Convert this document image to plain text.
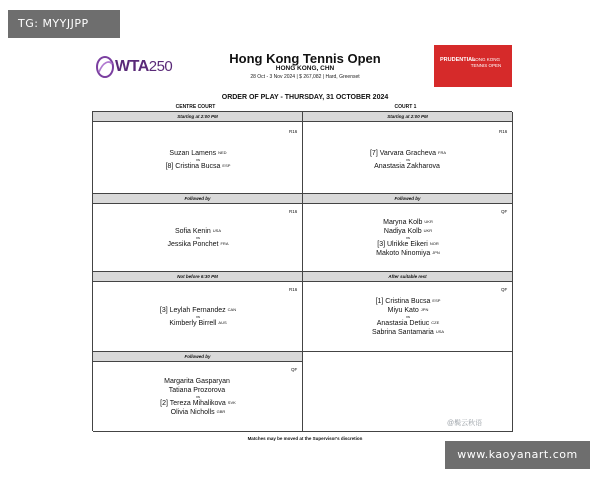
TG: MYYJJPP
WTA250	Hong Kong Tennis Open
HONG KONG, CHN
28 Oct - 3 Nov 2024 | $ 267,082 | Hard, Greenset
PRUDENTIAL
HONG KONG
TENNIS OPEN
ORDER OF PLAY - THURSDAY, 31 OCTOBER 2024
CENTRE COURT	COURT 1
Starting at 2:00 PM
R16
Suzan Lamens NED
vs
[8] Cristina Bucsa ESP
Starting at 2:00 PM
R16
[7] Varvara Gracheva FRA
vs
Anastasia Zakharova
Followed by
R16
Sofia Kenin USA
vs
Jessika Ponchet FRA
Followed by
QF
Maryna Kolb UKR
Nadiya Kolb UKR
vs
[3] Ulrikke Eikeri NOR
Makoto Ninomiya JPN
Not before 6:30 PM
R16
[3] Leylah Fernandez CAN
vs
Kimberly Birrell AUS
After suitable rest
QF
[1] Cristina Bucsa ESP
Miyu Kato JPN
vs
Anastasia Detiuc CZE
Sabrina Santamaria USA
Followed by
QF
Margarita Gasparyan
Tatiana Prozorova
vs
[2] Tereza Mihalikova SVK
Olivia Nicholls GBR
@鬓云秋语
Matches may be moved at the Supervisor's discretion
www.kaoyanart.com
